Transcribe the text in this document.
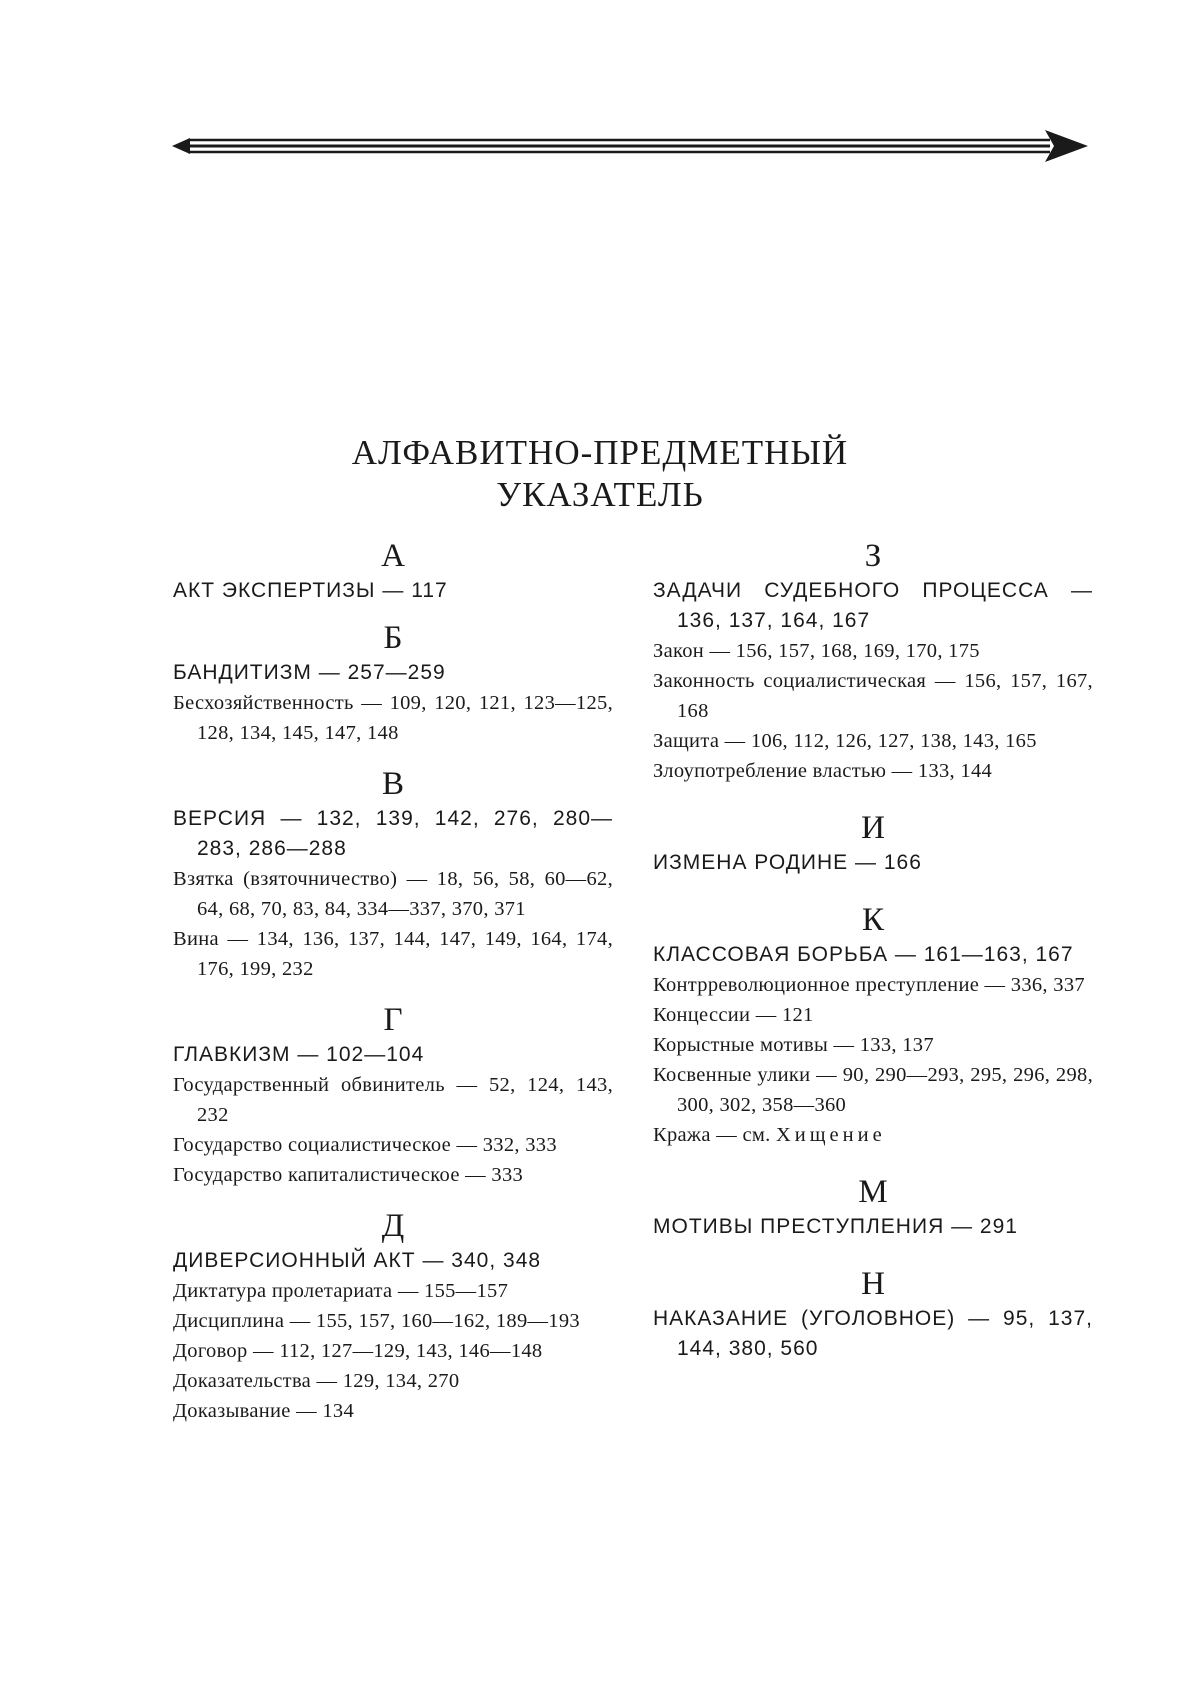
АЛФАВИТНО-ПРЕДМЕТНЫЙ
УКАЗАТЕЛЬ
А
АКТ ЭКСПЕРТИЗЫ — 117
Б
БАНДИТИЗМ — 257—259
Бесхозяйственность — 109, 120, 121, 123—125, 128, 134, 145, 147, 148
В
ВЕРСИЯ — 132, 139, 142, 276, 280—283, 286—288
Взятка (взяточничество) — 18, 56, 58, 60—62, 64, 68, 70, 83, 84, 334—337, 370, 371
Вина — 134, 136, 137, 144, 147, 149, 164, 174, 176, 199, 232
Г
ГЛАВКИЗМ — 102—104
Государственный обвинитель — 52, 124, 143, 232
Государство социалистическое — 332, 333
Государство капиталистическое — 333
Д
ДИВЕРСИОННЫЙ АКТ — 340, 348
Диктатура пролетариата — 155—157
Дисциплина — 155, 157, 160—162, 189—193
Договор — 112, 127—129, 143, 146—148
Доказательства — 129, 134, 270
Доказывание — 134
З
ЗАДАЧИ СУДЕБНОГО ПРОЦЕССА — 136, 137, 164, 167
Закон — 156, 157, 168, 169, 170, 175
Законность социалистическая — 156, 157, 167, 168
Защита — 106, 112, 126, 127, 138, 143, 165
Злоупотребление властью — 133, 144
И
ИЗМЕНА РОДИНЕ — 166
К
КЛАССОВАЯ БОРЬБА — 161—163, 167
Контрреволюционное преступление — 336, 337
Концессии — 121
Корыстные мотивы — 133, 137
Косвенные улики — 90, 290—293, 295, 296, 298, 300, 302, 358—360
Кража — см. Хищение
М
МОТИВЫ ПРЕСТУПЛЕНИЯ — 291
Н
НАКАЗАНИЕ (УГОЛОВНОЕ) — 95, 137, 144, 380, 560
